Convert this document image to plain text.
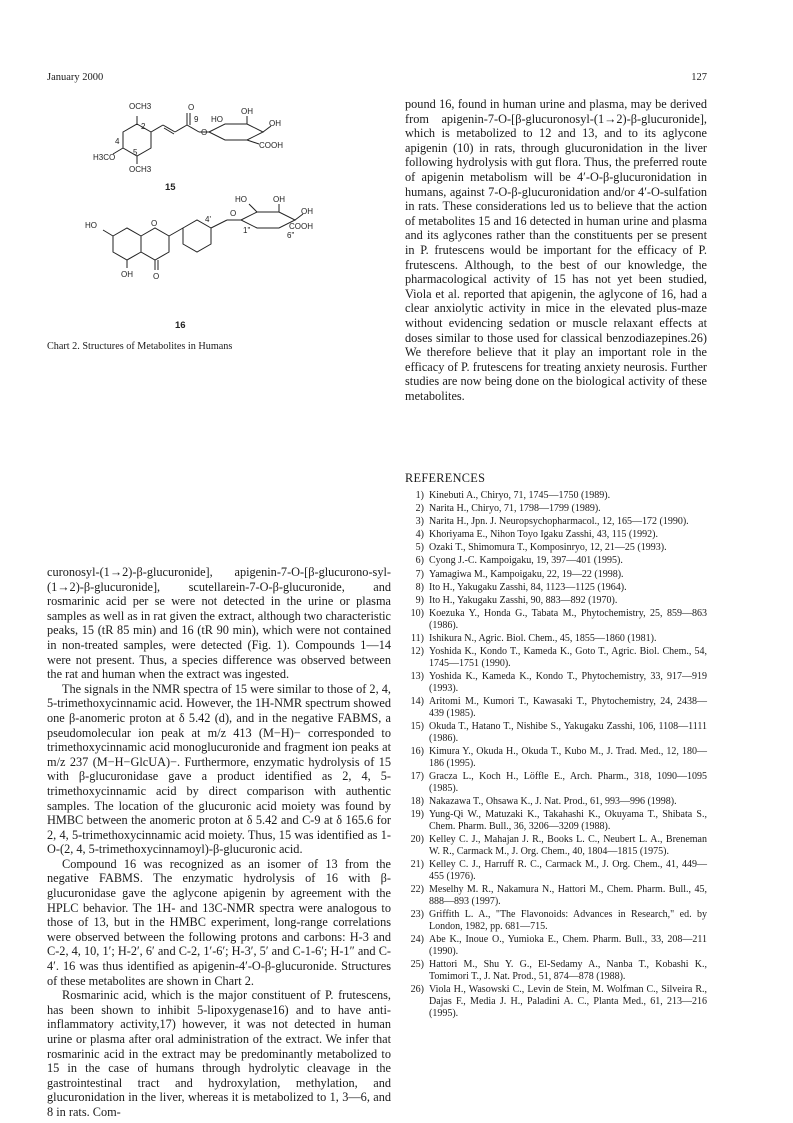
January 2000	127
OCH3
2
4
H3CO
5
OCH3
O
9
O
HO
OH
OH
COOH
15
HO
OH	O
O	4'
O
1"
6"
HO	OH
OH
COOH
16
Chart 2. Structures of Metabolites in Humans

curonosyl-(1→2)-β-glucuronide], apigenin-7-O-[β-glucurono-syl-(1→2)-β-glucuronide], scutellarein-7-O-β-glucuronide, and rosmarinic acid per se were not detected in the urine or plasma samples as well as in rat given the extract, although two characteristic peaks, 15 (tR 85 min) and 16 (tR 90 min), which were not contained in non-treated samples, were detected (Fig. 1). Compounds 1—14 were not present. Thus, a species difference was observed between the rat and human when the extract was ingested.

The signals in the NMR spectra of 15 were similar to those of 2, 4, 5-trimethoxycinnamic acid. However, the 1H-NMR spectrum showed one β-anomeric proton at δ 5.42 (d), and in the negative FABMS, a pseudomolecular ion peak at m/z 413 (M−H)− corresponded to trimethoxycinnamic acid monoglucuronide and fragment ion peaks at m/z 237 (M−H−GlcUA)−. Furthermore, enzymatic hydrolysis of 15 with β-glucuronidase gave a product identified as 2, 4, 5-trimethoxycinnamic acid by direct comparison with authentic samples. The location of the glucuronic acid moiety was found by HMBC between the anomeric proton at δ 5.42 and C-9 at δ 165.6 for 2, 4, 5-trimethoxycinnamic acid moiety. Thus, 15 was identified as 1-O-(2, 4, 5-trimethoxycinnamoyl)-β-glucuronic acid.

Compound 16 was recognized as an isomer of 13 from the negative FABMS. The enzymatic hydrolysis of 16 with β-glucuronidase gave the aglycone apigenin by agreement with the HPLC behavior. The 1H- and 13C-NMR spectra were analogous to those of 13, but in the HMBC experiment, long-range correlations were observed between the following protons and carbons: H-3 and C-2, 4, 10, 1′; H-2′, 6′ and C-2, 1′-6′; H-3′, 5′ and C-1-6′; H-1″ and C-4′. 16 was thus identified as apigenin-4′-O-β-glucuronide. Structures of these metabolites are shown in Chart 2.

Rosmarinic acid, which is the major constituent of P. frutescens, has been shown to inhibit 5-lipoxygenase16) and to have anti-inflammatory activity,17) however, it was not detected in human urine or plasma after oral administration of the extract. We infer that rosmarinic acid in the extract may be predominantly metabolized to 15 in the case of humans through hydrolytic cleavage in the gastrointestinal tract and hydroxylation, methylation, and glucuronidation in the liver, whereas it is metabolized to 1, 3—6, and 8 in rats. Com-

pound 16, found in human urine and plasma, may be derived from apigenin-7-O-[β-glucuronosyl-(1→2)-β-glucuronide], which is metabolized to 12 and 13, and to its aglycone apigenin (10) in rats, through glucuronidation in the liver following hydrolysis with gut flora. Thus, the preferred route of apigenin metabolism will be 4′-O-β-glucuronidation in humans, against 7-O-β-glucuronidation and/or 4′-O-sulfation in rats. These considerations led us to believe that the action of metabolites 15 and 16 detected in human urine and plasma and its aglycones rather than the constituents per se present in P. frutescens would be important for the efficacy of P. frutescens. Although, to the best of our knowledge, the pharmacological activity of 15 has not yet been studied, Viola et al. reported that apigenin, the aglycone of 16, had a clear anxiolytic activity in mice in the elevated plus-maze without evidencing sedation or muscle relaxant effects at doses similar to those used for classical benzodiazepines.26) We therefore believe that it play an important role in the efficacy of P. frutescens for treating anxiety neurosis. Further studies are now being done on the biological activity of these metabolites.

REFERENCES
1) Kinebuti A., Chiryo, 71, 1745—1750 (1989).
2) Narita H., Chiryo, 71, 1798—1799 (1989).
3) Narita H., Jpn. J. Neuropsychopharmacol., 12, 165—172 (1990).
4) Khoriyama E., Nihon Toyo Igaku Zasshi, 43, 115 (1992).
5) Ozaki T., Shimomura T., Komposinryo, 12, 21—25 (1993).
6) Cyong J.-C. Kampoigaku, 19, 397—401 (1995).
7) Yamagiwa M., Kampoigaku, 22, 19—22 (1998).
8) Ito H., Yakugaku Zasshi, 84, 1123—1125 (1964).
9) Ito H., Yakugaku Zasshi, 90, 883—892 (1970).
10) Koezuka Y., Honda G., Tabata M., Phytochemistry, 25, 859—863 (1986).
11) Ishikura N., Agric. Biol. Chem., 45, 1855—1860 (1981).
12) Yoshida K., Kondo T., Kameda K., Goto T., Agric. Biol. Chem., 54, 1745—1751 (1990).
13) Yoshida K., Kameda K., Kondo T., Phytochemistry, 33, 917—919 (1993).
14) Aritomi M., Kumori T., Kawasaki T., Phytochemistry, 24, 2438—439 (1985).
15) Okuda T., Hatano T., Nishibe S., Yakugaku Zasshi, 106, 1108—1111 (1986).
16) Kimura Y., Okuda H., Okuda T., Kubo M., J. Trad. Med., 12, 180—186 (1995).
17) Gracza L., Koch H., Löffle E., Arch. Pharm., 318, 1090—1095 (1985).
18) Nakazawa T., Ohsawa K., J. Nat. Prod., 61, 993—996 (1998).
19) Yung-Qi W., Matuzaki K., Takahashi K., Okuyama T., Shibata S., Chem. Pharm. Bull., 36, 3206—3209 (1988).
20) Kelley C. J., Mahajan J. R., Books L. C., Neubert L. A., Breneman W. R., Carmack M., J. Org. Chem., 40, 1804—1815 (1975).
21) Kelley C. J., Harruff R. C., Carmack M., J. Org. Chem., 41, 449—455 (1976).
22) Meselhy M. R., Nakamura N., Hattori M., Chem. Pharm. Bull., 45, 888—893 (1997).
23) Griffith L. A., "The Flavonoids: Advances in Research," ed. by London, 1982, pp. 681—715.
24) Abe K., Inoue O., Yumioka E., Chem. Pharm. Bull., 33, 208—211 (1990).
25) Hattori M., Shu Y. G., El-Sedamy A., Nanba T., Kobashi K., Tomimori T., J. Nat. Prod., 51, 874—878 (1988).
26) Viola H., Wasowski C., Levin de Stein, M. Wolfman C., Silveira R., Dajas F., Media J. H., Paladini A. C., Planta Med., 61, 213—216 (1995).
